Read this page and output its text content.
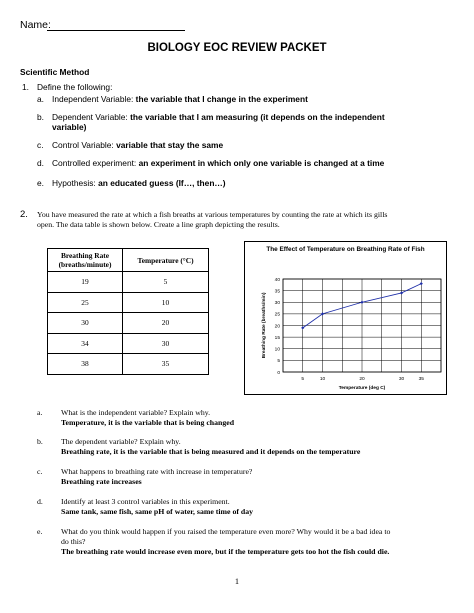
Name:
BIOLOGY EOC REVIEW PACKET
Scientific Method
1. Define the following:
a. Independent Variable: the variable that I change in the experiment
b. Dependent Variable: the variable that I am measuring (it depends on the independent
variable)
c. Control Variable: variable that stay the same
d. Controlled experiment: an experiment in which only one variable is changed at a time
e. Hypothesis: an educated guess (If…, then…)
2. You have measured the rate at which a fish breaths at various temperatures by counting the rate at which its gills
open. The data table is shown below. Create a line graph depicting the results.
Breathing Rate (breaths/minute)	Temperature (°C)
19	5
25	10
30	20
34	30
38	35
The Effect of Temperature on Breathing Rate of Fish
0
5
10
15
20
25
30
35
40
5	10	20	30	35
Temperature (deg C)
Breathing Rate (breaths/min)
a. What is the independent variable? Explain why.
Temperature, it is the variable that is being changed
b. The dependent variable? Explain why.
Breathing rate, it is the variable that is being measured and it depends on the temperature
c. What happens to breathing rate with increase in temperature?
Breathing rate increases
d. Identify at least 3 control variables in this experiment.
Same tank, same fish, same pH of water, same time of day
e. What do you think would happen if you raised the temperature even more? Why would it be a bad idea to
do this?
The breathing rate would increase even more, but if the temperature gets too hot the fish could die.
1
